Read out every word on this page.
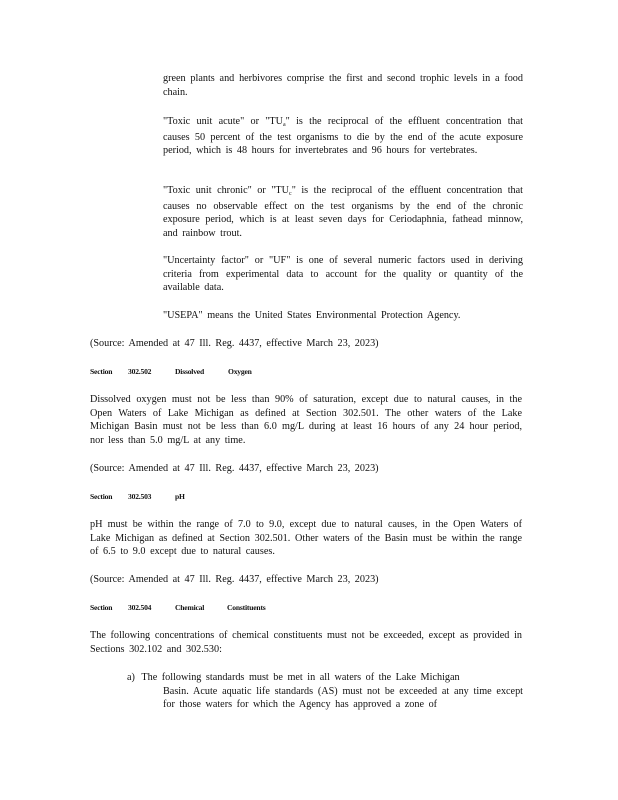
green plants and herbivores comprise the first and second trophic levels in a food chain.
"Toxic unit acute" or "$TU_a$" is the reciprocal of the effluent concentration that causes 50 percent of the test organisms to die by the end of the acute exposure period, which is 48 hours for invertebrates and 96 hours for vertebrates.
"Toxic unit chronic" or "$TU_c$" is the reciprocal of the effluent concentration that causes no observable effect on the test organisms by the end of the chronic exposure period, which is at least seven days for Ceriodaphnia, fathead minnow, and rainbow trout.
"Uncertainty factor" or "UF" is one of several numeric factors used in deriving criteria from experimental data to account for the quality or quantity of the available data.
"USEPA" means the United States Environmental Protection Agency.
(Source: Amended at 47 Ill. Reg. 4437, effective March 23, 2023)
Section 302.502	Dissolved	Oxygen
Dissolved oxygen must not be less than 90% of saturation, except due to natural causes, in the Open Waters of Lake Michigan as defined at Section 302.501. The other waters of the Lake Michigan Basin must not be less than 6.0 mg/L during at least 16 hours of any 24 hour period, nor less than 5.0 mg/L at any time.
(Source: Amended at 47 Ill. Reg. 4437, effective March 23, 2023)
Section 302.503	pH
pH must be within the range of 7.0 to 9.0, except due to natural causes, in the Open Waters of Lake Michigan as defined at Section 302.501. Other waters of the Basin must be within the range of 6.5 to 9.0 except due to natural causes.
(Source: Amended at 47 Ill. Reg. 4437, effective March 23, 2023)
Section 302.504	Chemical	Constituents
The following concentrations of chemical constituents must not be exceeded, except as provided in Sections 302.102 and 302.530:
a) The following standards must be met in all waters of the Lake Michigan
Basin. Acute aquatic life standards (AS) must not be exceeded at any time except for those waters for which the Agency has approved a zone of
